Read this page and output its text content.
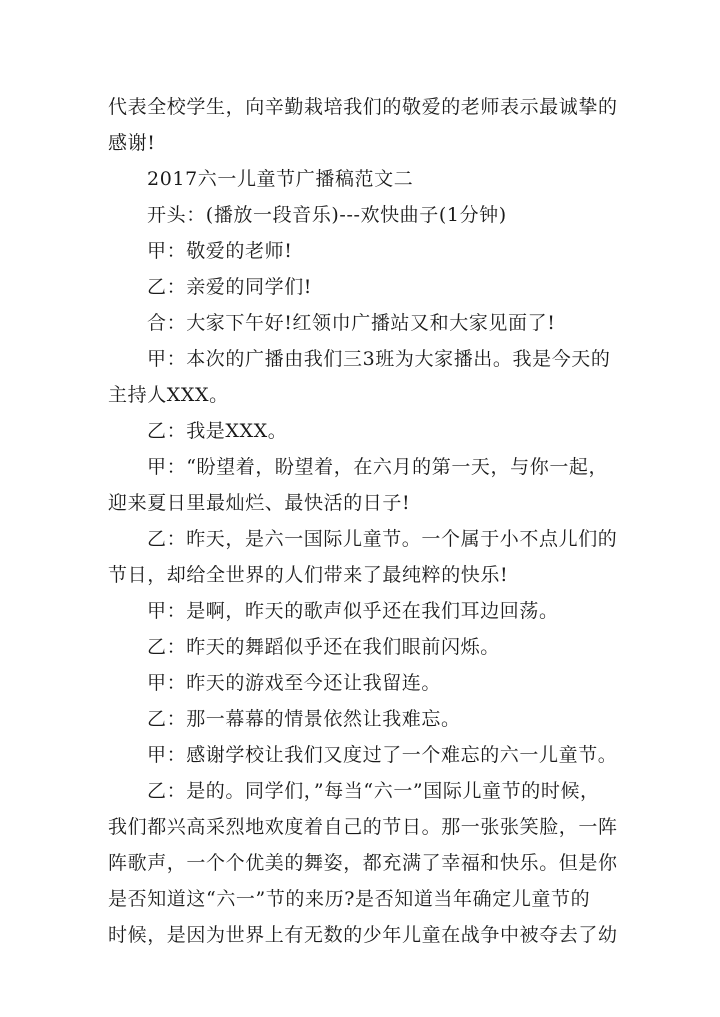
代表全校学生，向辛勤栽培我们的敬爱的老师表示最诚挚的
感谢!
2017六一儿童节广播稿范文二
开头：(播放一段音乐)---欢快曲子(1分钟)
甲：敬爱的老师!
乙：亲爱的同学们!
合：大家下午好!红领巾广播站又和大家见面了!
甲：本次的广播由我们三3班为大家播出。我是今天的
主持人XXX。
乙：我是XXX。
甲：“盼望着，盼望着，在六月的第一天，与你一起，
迎来夏日里最灿烂、最快活的日子!
乙：昨天，是六一国际儿童节。一个属于小不点儿们的
节日，却给全世界的人们带来了最纯粹的快乐!
甲：是啊，昨天的歌声似乎还在我们耳边回荡。
乙：昨天的舞蹈似乎还在我们眼前闪烁。
甲：昨天的游戏至今还让我留连。
乙：那一幕幕的情景依然让我难忘。
甲：感谢学校让我们又度过了一个难忘的六一儿童节。
乙：是的。同学们，”每当“六一”国际儿童节的时候，
我们都兴高采烈地欢度着自己的节日。那一张张笑脸，一阵
阵歌声，一个个优美的舞姿，都充满了幸福和快乐。但是你
是否知道这“六一”节的来历?是否知道当年确定儿童节的
时候，是因为世界上有无数的少年儿童在战争中被夺去了幼
